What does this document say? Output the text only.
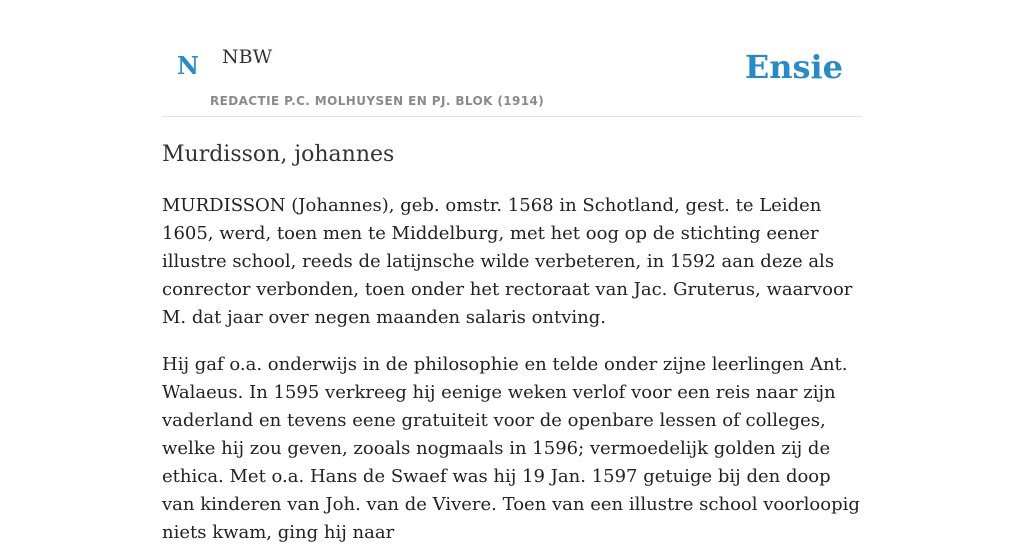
N NBW
REDACTIE P.C. MOLHUYSEN EN PJ. BLOK (1914)
Ensie
Murdisson, johannes

MURDISSON (Johannes), geb. omstr. 1568 in Schotland, gest. te Leiden 1605, werd, toen men te Middelburg, met het oog op de stichting eener illustre school, reeds de latijnsche wilde verbeteren, in 1592 aan deze als conrector verbonden, toen onder het rectoraat van Jac. Gruterus, waarvoor M. dat jaar over negen maanden salaris ontving.

Hij gaf o.a. onderwijs in de philosophie en telde onder zijne leerlingen Ant. Walaeus. In 1595 verkreeg hij eenige weken verlof voor een reis naar zijn vaderland en tevens eene gratuiteit voor de openbare lessen of colleges, welke hij zou geven, zooals nogmaals in 1596; vermoedelijk golden zij de ethica. Met o.a. Hans de Swaef was hij 19 Jan. 1597 getuige bij den doop van kinderen van Joh. van de Vivere. Toen van een illustre school voorloopig niets kwam, ging hij naar
